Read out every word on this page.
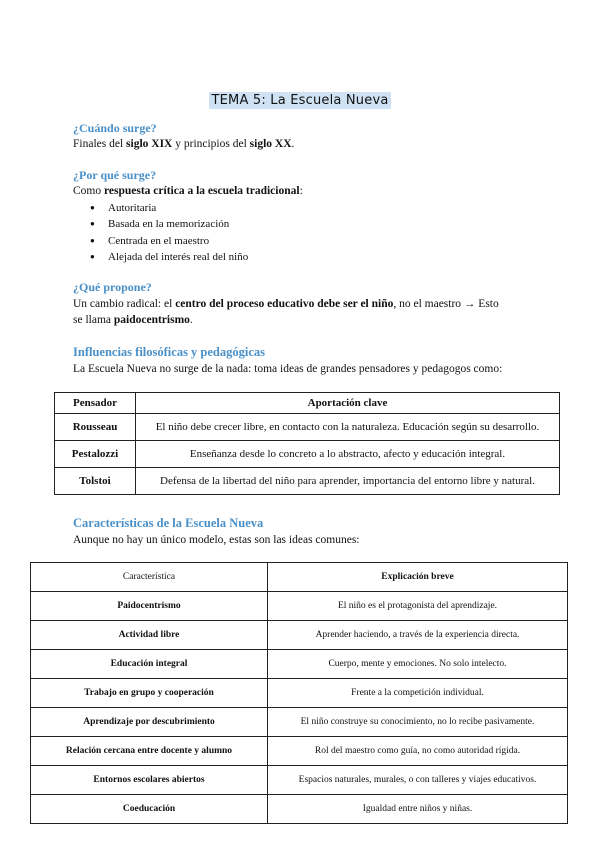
TEMA 5: La Escuela Nueva
¿Cuándo surge?
Finales del siglo XIX y principios del siglo XX.
¿Por qué surge?
Como respuesta crítica a la escuela tradicional:
● Autoritaria
● Basada en la memorización
● Centrada en el maestro
● Alejada del interés real del niño
¿Qué propone?
Un cambio radical: el centro del proceso educativo debe ser el niño, no el maestro → Esto
se llama paidocentrismo.
Influencias filosóficas y pedagógicas
La Escuela Nueva no surge de la nada: toma ideas de grandes pensadores y pedagogos como:
Pensador	Aportación clave
Rousseau	El niño debe crecer libre, en contacto con la naturaleza. Educación según su desarrollo.
Pestalozzi	Enseñanza desde lo concreto a lo abstracto, afecto y educación integral.
Tolstoi	Defensa de la libertad del niño para aprender, importancia del entorno libre y natural.
Características de la Escuela Nueva
Aunque no hay un único modelo, estas son las ideas comunes:
Característica	Explicación breve
Paidocentrismo	El niño es el protagonista del aprendizaje.
Actividad libre	Aprender haciendo, a través de la experiencia directa.
Educación integral	Cuerpo, mente y emociones. No solo intelecto.
Trabajo en grupo y cooperación	Frente a la competición individual.
Aprendizaje por descubrimiento	El niño construye su conocimiento, no lo recibe pasivamente.
Relación cercana entre docente y alumno	Rol del maestro como guía, no como autoridad rígida.
Entornos escolares abiertos	Espacios naturales, murales, o con talleres y viajes educativos.
Coeducación	Igualdad entre niños y niñas.
